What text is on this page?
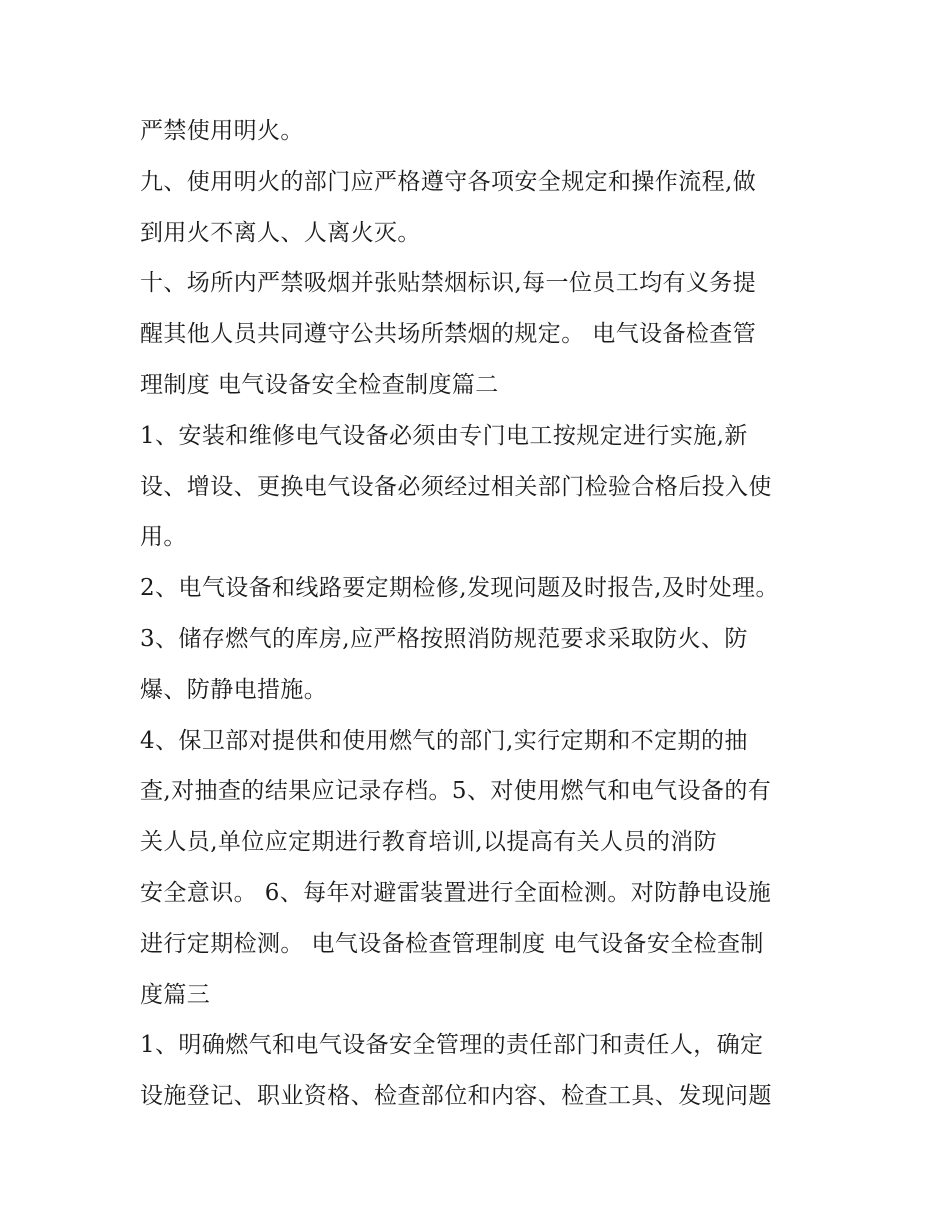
严禁使用明火。
九、使用明火的部门应严格遵守各项安全规定和操作流程,做
到用火不离人、人离火灭。
十、场所内严禁吸烟并张贴禁烟标识,每一位员工均有义务提
醒其他人员共同遵守公共场所禁烟的规定。 电气设备检查管
理制度 电气设备安全检查制度篇二
1、安装和维修电气设备必须由专门电工按规定进行实施,新
设、增设、更换电气设备必须经过相关部门检验合格后投入使
用。
2、电气设备和线路要定期检修,发现问题及时报告,及时处理。
3、储存燃气的库房,应严格按照消防规范要求采取防火、防
爆、防静电措施。
4、保卫部对提供和使用燃气的部门,实行定期和不定期的抽
查,对抽查的结果应记录存档。5、对使用燃气和电气设备的有
关人员,单位应定期进行教育培训,以提高有关人员的消防
安全意识。 6、每年对避雷装置进行全面检测。对防静电设施
进行定期检测。 电气设备检查管理制度 电气设备安全检查制
度篇三
1、明确燃气和电气设备安全管理的责任部门和责任人，确定
设施登记、职业资格、检查部位和内容、检查工具、发现问题
